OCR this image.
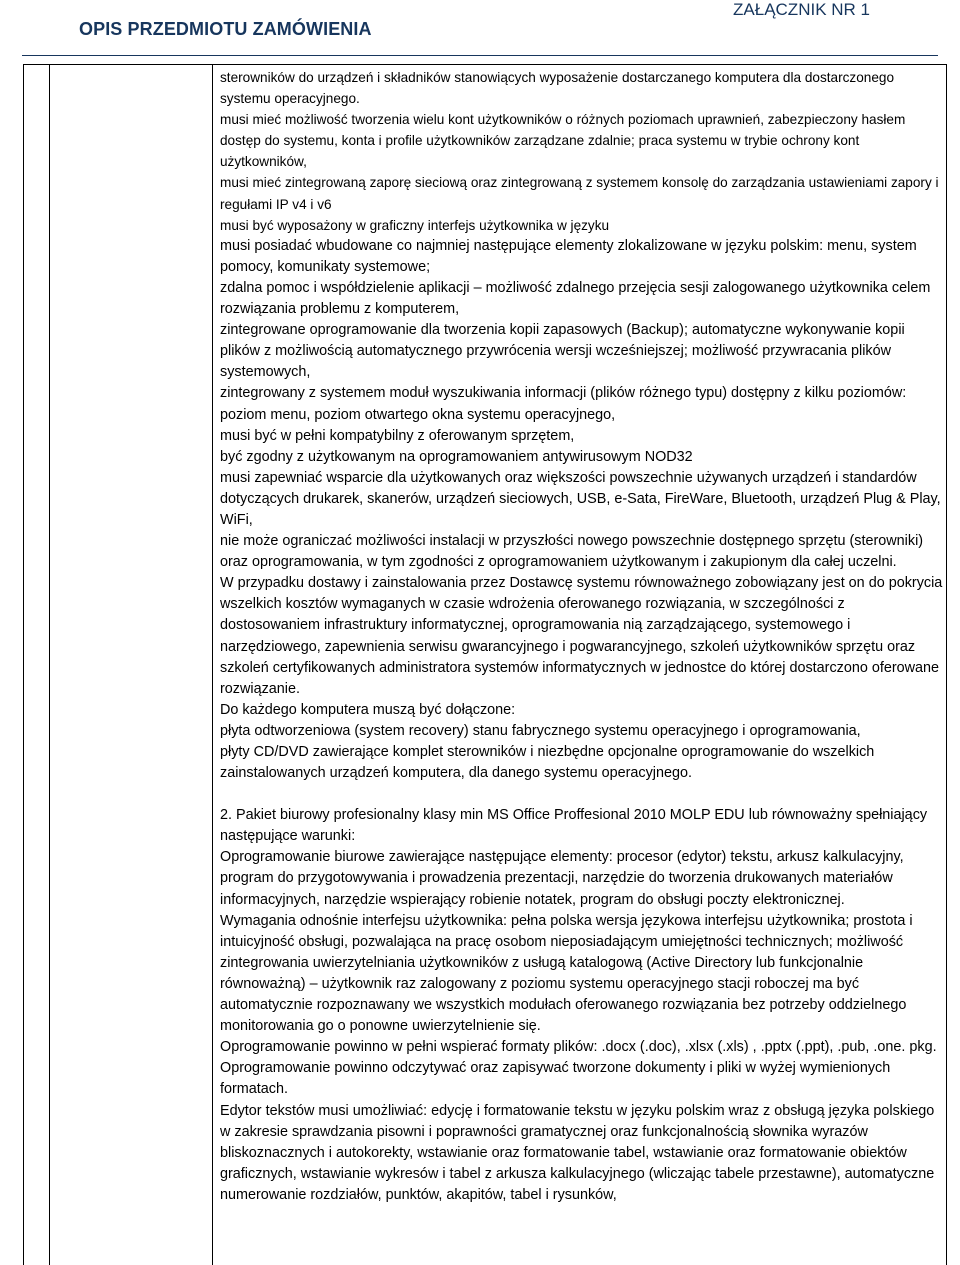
OPIS PRZEDMIOTU ZAMÓWIENIA
ZAŁĄCZNIK NR 1

sterowników do urządzeń i składników stanowiących wyposażenie dostarczanego komputera dla dostarczonego systemu operacyjnego.

musi mieć możliwość tworzenia wielu kont użytkowników o różnych poziomach uprawnień, zabezpieczony hasłem dostęp do systemu, konta i profile użytkowników zarządzane zdalnie; praca systemu w trybie ochrony kont użytkowników,

musi mieć zintegrowaną zaporę sieciową oraz zintegrowaną z systemem konsolę do zarządzania ustawieniami zapory i regułami IP v4 i v6

musi być wyposażony w graficzny interfejs użytkownika w języku

musi posiadać wbudowane co najmniej następujące elementy zlokalizowane w języku polskim: menu, system pomocy, komunikaty systemowe;

zdalna pomoc i współdzielenie aplikacji – możliwość zdalnego przejęcia sesji zalogowanego użytkownika celem rozwiązania problemu z komputerem,

zintegrowane oprogramowanie dla tworzenia kopii zapasowych (Backup); automatyczne wykonywanie kopii plików z możliwością automatycznego przywrócenia wersji wcześniejszej; możliwość przywracania plików systemowych,

zintegrowany z systemem moduł wyszukiwania informacji (plików różnego typu) dostępny z kilku poziomów: poziom menu, poziom otwartego okna systemu operacyjnego,

musi być w pełni kompatybilny z oferowanym sprzętem,

być zgodny z użytkowanym na oprogramowaniem antywirusowym NOD32

musi zapewniać wsparcie dla użytkowanych oraz większości powszechnie używanych urządzeń i standardów dotyczących drukarek, skanerów, urządzeń sieciowych, USB, e-Sata, FireWare, Bluetooth, urządzeń Plug & Play, WiFi,

nie może ograniczać możliwości instalacji w przyszłości nowego powszechnie dostępnego sprzętu (sterowniki) oraz oprogramowania, w tym zgodności z oprogramowaniem użytkowanym i zakupionym dla całej uczelni.

W przypadku dostawy i zainstalowania przez Dostawcę systemu równoważnego zobowiązany jest on do pokrycia wszelkich kosztów wymaganych w czasie wdrożenia oferowanego rozwiązania, w szczególności z dostosowaniem infrastruktury informatycznej, oprogramowania nią zarządzającego, systemowego i narzędziowego, zapewnienia serwisu gwarancyjnego i pogwarancyjnego, szkoleń użytkowników sprzętu oraz szkoleń certyfikowanych administratora systemów informatycznych w jednostce do której dostarczono oferowane rozwiązanie.

Do każdego komputera muszą być dołączone:

płyta odtworzeniowa (system recovery) stanu fabrycznego systemu operacyjnego i oprogramowania,

płyty CD/DVD zawierające komplet sterowników i niezbędne opcjonalne oprogramowanie do wszelkich zainstalowanych urządzeń komputera, dla danego systemu operacyjnego.

2. Pakiet biurowy profesionalny klasy min MS Office Proffesional 2010 MOLP EDU lub równoważny spełniający następujące warunki:

Oprogramowanie biurowe zawierające następujące elementy: procesor (edytor) tekstu, arkusz kalkulacyjny, program do przygotowywania i prowadzenia prezentacji, narzędzie do tworzenia drukowanych materiałów informacyjnych, narzędzie wspierający robienie notatek, program do obsługi poczty elektronicznej.

Wymagania odnośnie interfejsu użytkownika: pełna polska wersja językowa interfejsu użytkownika; prostota i intuicyjność obsługi, pozwalająca na pracę osobom nieposiadającym umiejętności technicznych; możliwość zintegrowania uwierzytelniania użytkowników z usługą katalogową (Active Directory lub funkcjonalnie równoważną) – użytkownik raz zalogowany z poziomu systemu operacyjnego stacji roboczej ma być automatycznie rozpoznawany we wszystkich modułach oferowanego rozwiązania bez potrzeby oddzielnego monitorowania go o ponowne uwierzytelnienie się.

Oprogramowanie powinno w pełni wspierać formaty plików: .docx (.doc), .xlsx (.xls) , .pptx (.ppt), .pub, .one. pkg. Oprogramowanie powinno odczytywać oraz zapisywać tworzone dokumenty i pliki w wyżej wymienionych formatach.

Edytor tekstów musi umożliwiać: edycję i formatowanie tekstu w języku polskim wraz z obsługą języka polskiego w zakresie sprawdzania pisowni i poprawności gramatycznej oraz funkcjonalnością słownika wyrazów bliskoznacznych i autokorekty, wstawianie oraz formatowanie tabel, wstawianie oraz formatowanie obiektów graficznych, wstawianie wykresów i tabel z arkusza kalkulacyjnego (wliczając tabele przestawne), automatyczne numerowanie rozdziałów, punktów, akapitów, tabel i rysunków,
